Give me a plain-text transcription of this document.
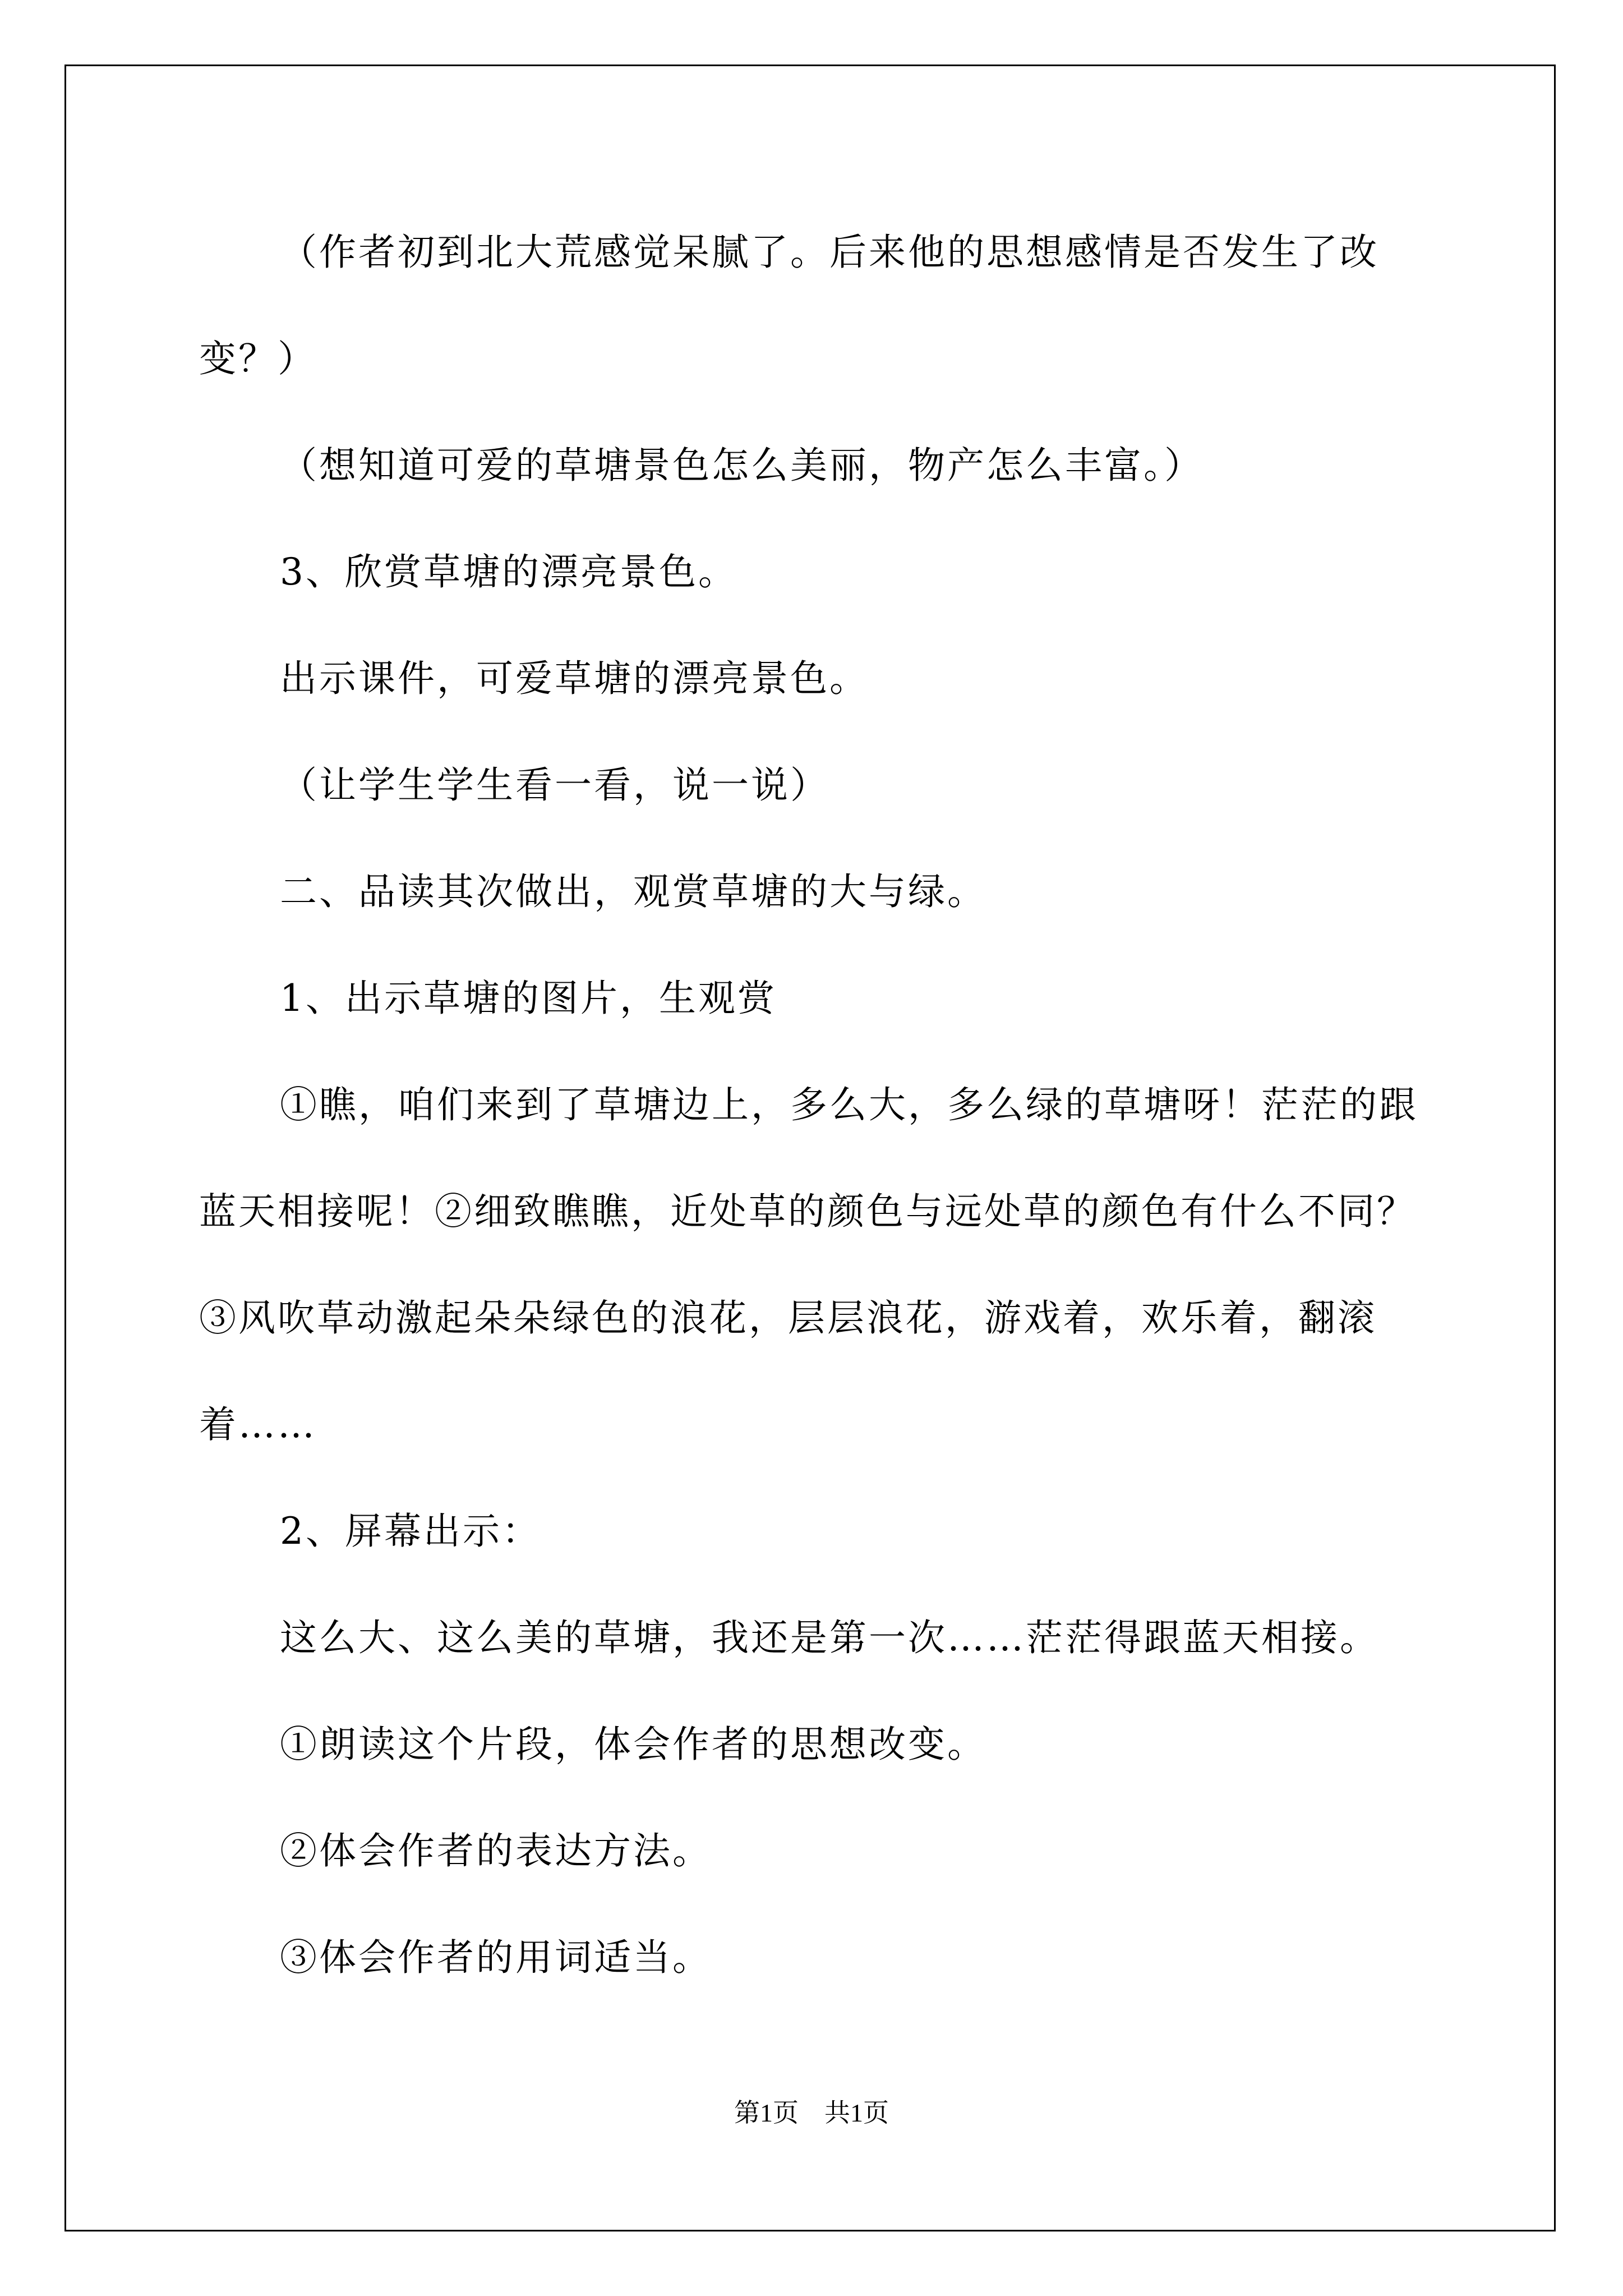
（作者初到北大荒感觉呆腻了。后来他的思想感情是否发生了改变？）

（想知道可爱的草塘景色怎么美丽，物产怎么丰富。）

3、欣赏草塘的漂亮景色。

出示课件，可爱草塘的漂亮景色。

（让学生学生看一看，说一说）

二、品读其次做出，观赏草塘的大与绿。

1、出示草塘的图片，生观赏

①瞧，咱们来到了草塘边上，多么大，多么绿的草塘呀！茫茫的跟蓝天相接呢！②细致瞧瞧，近处草的颜色与远处草的颜色有什么不同？③风吹草动激起朵朵绿色的浪花，层层浪花，游戏着，欢乐着，翻滚着……

2、屏幕出示：

这么大、这么美的草塘，我还是第一次……茫茫得跟蓝天相接。

①朗读这个片段，体会作者的思想改变。

②体会作者的表达方法。

③体会作者的用词适当。

第1页　共1页
